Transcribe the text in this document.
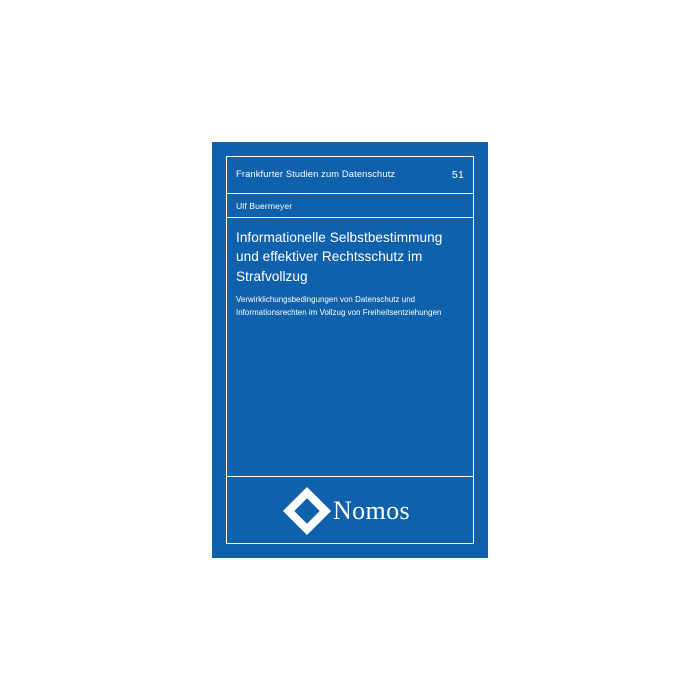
Frankfurter Studien zum Datenschutz	51
Ulf Buermeyer
Informationelle Selbstbestimmung und effektiver Rechtsschutz im Strafvollzug

Verwirklichungsbedingungen von Datenschutz und Informationsrechten im Vollzug von Freiheitsentziehungen

Nomos
